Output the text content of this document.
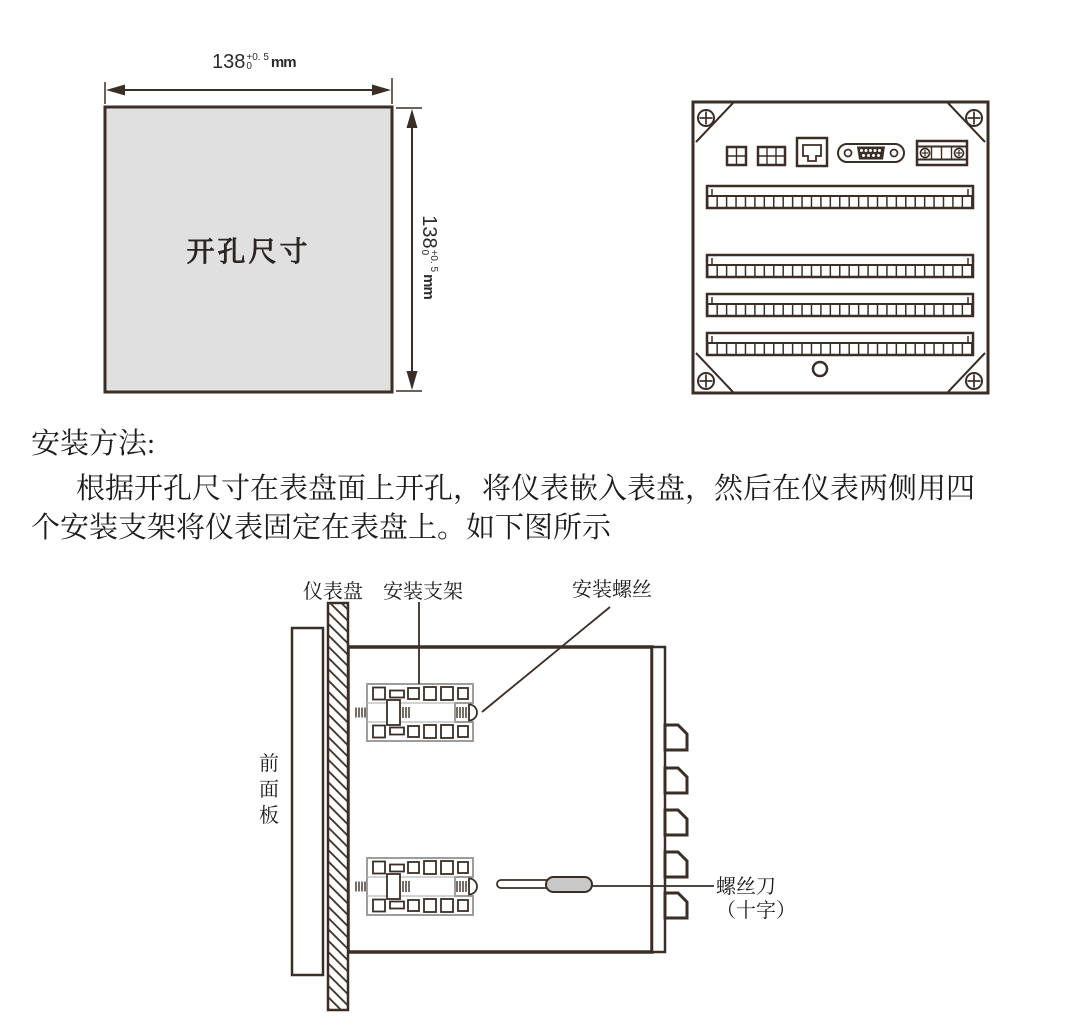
138 +0. 5
0	mm
138
+0. 5
0
mm
开孔尺寸
安装方法:
根据开孔尺寸在表盘面上开孔，将仪表嵌入表盘，然后在仪表两侧用四
个安装支架将仪表固定在表盘上。如下图所示
仪表盘 安装支架	安装螺丝
前面板
螺丝刀
（十字）
